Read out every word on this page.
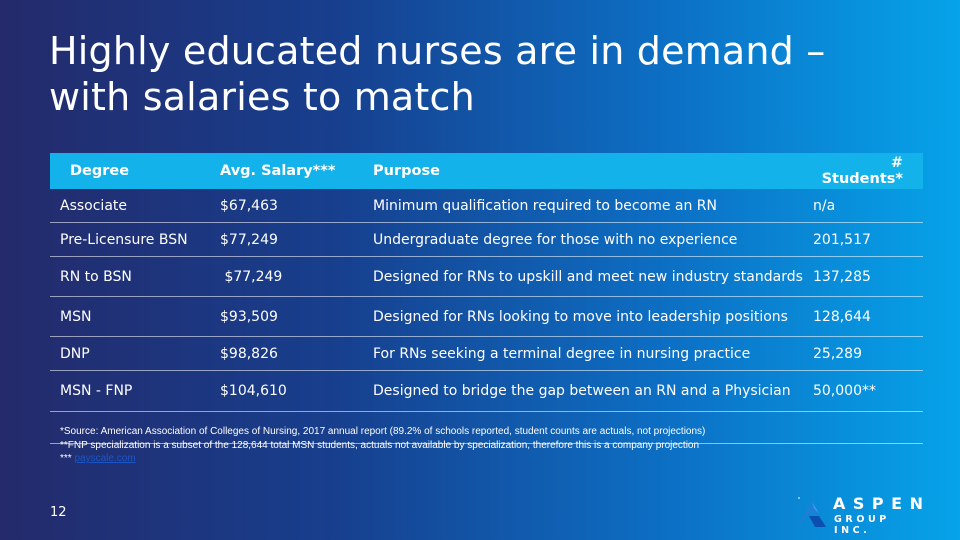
Highly educated nurses are in demand – with salaries to match
Degree	Avg. Salary***	Purpose	# Students*
Associate	$67,463	Minimum qualification required to become an RN	n/a
Pre-Licensure BSN	$77,249	Undergraduate degree for those with no experience	201,517
RN to BSN	$77,249	Designed for RNs to upskill and meet new industry standards	137,285
MSN	$93,509	Designed for RNs looking to move into leadership positions	128,644
DNP	$98,826	For RNs seeking a terminal degree in nursing practice	25,289
MSN - FNP	$104,610	Designed to bridge the gap between an RN and a Physician	50,000**

*Source: American Association of Colleges of Nursing, 2017 annual report (89.2% of schools reported, student counts are actuals, not projections)
**FNP specialization is a subset of the 128,644 total MSN students, actuals not available by specialization, therefore this is a company projection
*** payscale.com
12	ASPEN
GROUP INC.
